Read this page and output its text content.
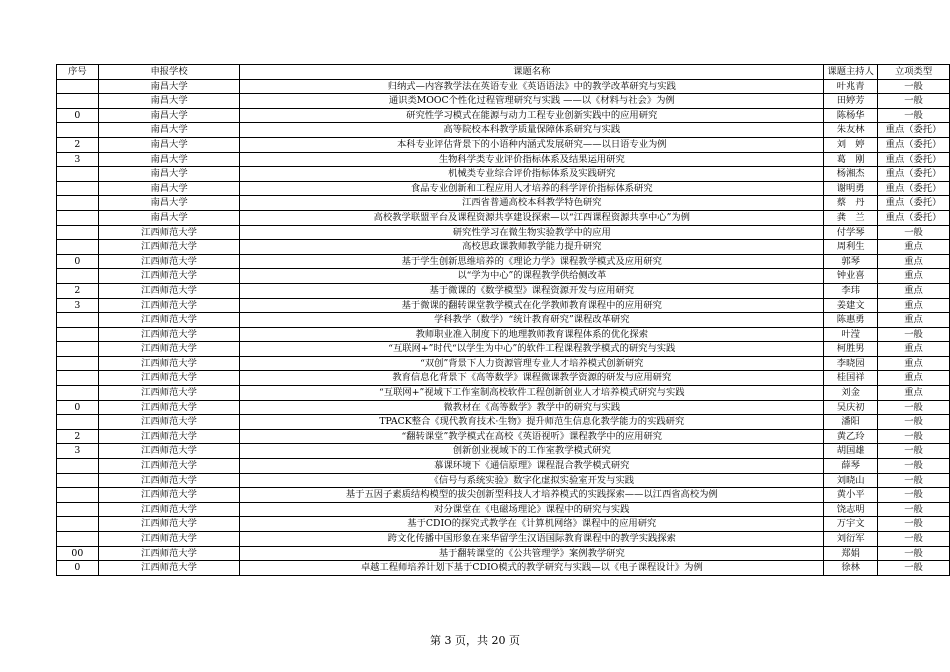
序号	申报学校	课题名称	课题主持人	立项类型
	南昌大学	归纳式—内容教学法在英语专业《英语语法》中的教学改革研究与实践	叶兆青	一般
	南昌大学	通识类MOOC个性化过程管理研究与实践 ——以《材料与社会》为例	田婷芳	一般
0	南昌大学	研究性学习模式在能源与动力工程专业创新实践中的应用研究	陈杨华	一般
	南昌大学	高等院校本科教学质量保障体系研究与实践	朱友林	重点（委托）
2	南昌大学	本科专业评估背景下的小语种内涵式发展研究——以日语专业为例	刘　婷	重点（委托）
3	南昌大学	生物科学类专业评价指标体系及结果运用研究	葛　刚	重点（委托）
	南昌大学	机械类专业综合评价指标体系及实践研究	杨湘杰	重点（委托）
	南昌大学	食品专业创新和工程应用人才培养的科学评价指标体系研究	谢明勇	重点（委托）
	南昌大学	江西省普通高校本科教学特色研究	蔡　丹	重点（委托）
	南昌大学	高校教学联盟平台及课程资源共享建设探索—以“江西课程资源共享中心”为例	龚　兰	重点（委托）
	江西师范大学	研究性学习在微生物实验教学中的应用	付学琴	一般
	江西师范大学	高校思政课教师教学能力提升研究	周利生	重点
0	江西师范大学	基于学生创新思维培养的《理论力学》课程教学模式及应用研究	郭琴	重点
	江西师范大学	以“学为中心”的课程教学供给侧改革	钟业喜	重点
2	江西师范大学	基于微课的《数学模型》课程资源开发与应用研究	李玮	重点
3	江西师范大学	基于微课的翻转课堂教学模式在化学教师教育课程中的应用研究	姜建文	重点
	江西师范大学	学科教学（数学）“统计教育研究”课程改革研究	陈惠勇	重点
	江西师范大学	教师职业准入制度下的地理教师教育课程体系的优化探索	叶滢	一般
	江西师范大学	“互联网+”时代“以学生为中心”的软件工程课程教学模式的研究与实践	柯胜男	重点
	江西师范大学	“双创”背景下人力资源管理专业人才培养模式创新研究	李晓园	重点
	江西师范大学	教育信息化背景下《高等数学》课程微课教学资源的研发与应用研究	桂国祥	重点
	江西师范大学	“互联网+”视域下工作室制高校软件工程创新创业人才培养模式研究与实践	刘金	重点
0	江西师范大学	微教材在《高等数学》教学中的研究与实践	吴庆初	一般
	江西师范大学	TPACK整合《现代教育技术·生物》提升师范生信息化教学能力的实践研究	潘阳	一般
2	江西师范大学	“翻转课堂”教学模式在高校《英语视听》课程教学中的应用研究	黄乙玲	一般
3	江西师范大学	创新创业视域下的工作室教学模式研究	胡国雄	一般
	江西师范大学	慕课环境下《通信原理》课程混合教学模式研究	薛琴	一般
	江西师范大学	《信号与系统实验》数字化虚拟实验室开发与实践	刘晓山	一般
	江西师范大学	基于五因子素质结构模型的拔尖创新型科技人才培养模式的实践探索——以江西省高校为例	黄小平	一般
	江西师范大学	对分课堂在《电磁场理论》课程中的研究与实践	饶志明	一般
	江西师范大学	基于CDIO的探究式教学在《计算机网络》课程中的应用研究	万宇文	一般
	江西师范大学	跨文化传播中国形象在来华留学生汉语国际教育课程中的教学实践探索	刘衍军	一般
00	江西师范大学	基于翻转课堂的《公共管理学》案例教学研究	郑娟	一般
0	江西师范大学	卓越工程师培养计划下基于CDIO模式的教学研究与实践—以《电子课程设计》为例	徐林	一般
第 3 页，共 20 页
